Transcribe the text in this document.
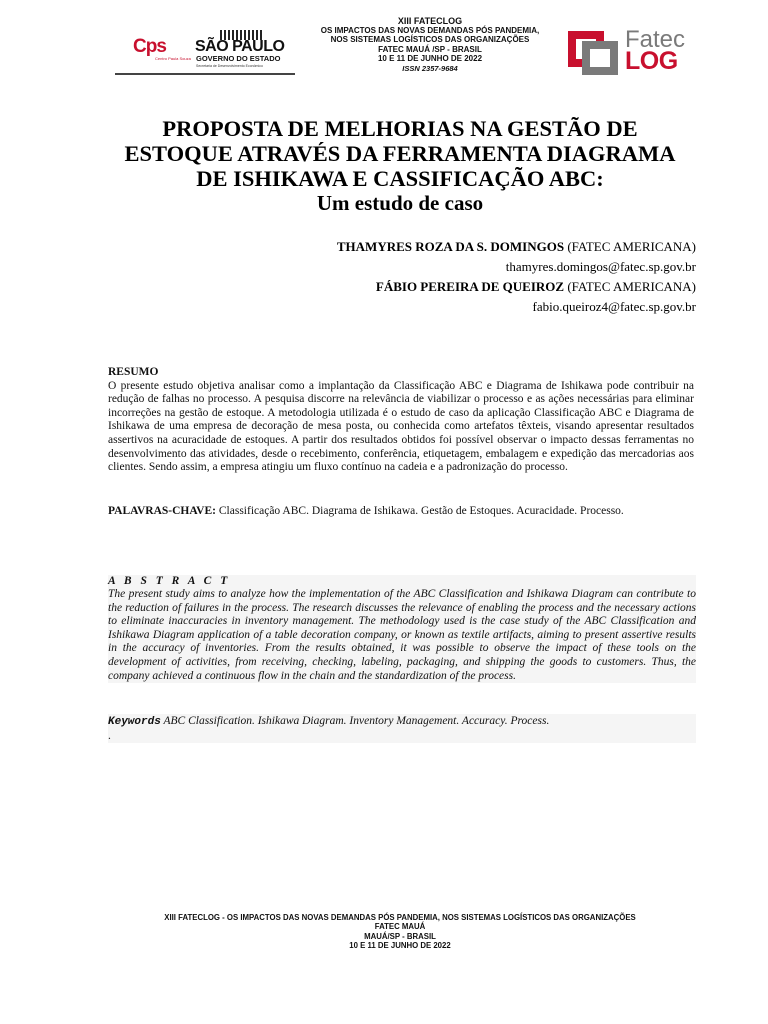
Cps
Centro Paula Souza
SÃO PAULO
GOVERNO DO ESTADO
Secretaria de Desenvolvimento Econômico
XIII FATECLOG
OS IMPACTOS DAS NOVAS DEMANDAS PÓS PANDEMIA,
NOS SISTEMAS LOGÍSTICOS DAS ORGANIZAÇÕES
FATEC MAUÁ /SP - BRASIL
10 E 11 DE JUNHO DE 2022
ISSN 2357-9684
Fatec
LOG
PROPOSTA DE MELHORIAS NA GESTÃO DE
ESTOQUE ATRAVÉS DA FERRAMENTA DIAGRAMA
DE ISHIKAWA E CASSIFICAÇÃO ABC:
Um estudo de caso
THAMYRES ROZA DA S. DOMINGOS (FATEC AMERICANA)
thamyres.domingos@fatec.sp.gov.br
FÁBIO PEREIRA DE QUEIROZ (FATEC AMERICANA)
fabio.queiroz4@fatec.sp.gov.br
RESUMO

O presente estudo objetiva analisar como a implantação da Classificação ABC e Diagrama de Ishikawa pode contribuir na redução de falhas no processo. A pesquisa discorre na relevância de viabilizar o processo e as ações necessárias para eliminar incorreções na gestão de estoque. A metodologia utilizada é o estudo de caso da aplicação Classificação ABC e Diagrama de Ishikawa de uma empresa de decoração de mesa posta, ou conhecida como artefatos têxteis, visando apresentar resultados assertivos na acuracidade de estoques. A partir dos resultados obtidos foi possível observar o impacto dessas ferramentas no desenvolvimento das atividades, desde o recebimento, conferência, etiquetagem, embalagem e expedição das mercadorias aos clientes. Sendo assim, a empresa atingiu um fluxo contínuo na cadeia e a padronização do processo.

PALAVRAS-CHAVE: Classificação ABC. Diagrama de Ishikawa. Gestão de Estoques. Acuracidade. Processo.
A B S T R A C T

The present study aims to analyze how the implementation of the ABC Classification and Ishikawa Diagram can contribute to the reduction of failures in the process. The research discusses the relevance of enabling the process and the necessary actions to eliminate inaccuracies in inventory management. The methodology used is the case study of the ABC Classification and Ishikawa Diagram application of a table decoration company, or known as textile artifacts, aiming to present assertive results in the accuracy of inventories. From the results obtained, it was possible to observe the impact of these tools on the development of activities, from receiving, checking, labeling, packaging, and shipping the goods to customers. Thus, the company achieved a continuous flow in the chain and the standardization of the process.

Keywords ABC Classification. Ishikawa Diagram. Inventory Management. Accuracy. Process.
.
XIII FATECLOG - OS IMPACTOS DAS NOVAS DEMANDAS PÓS PANDEMIA, NOS SISTEMAS LOGÍSTICOS DAS ORGANIZAÇÕES
FATEC MAUÁ
MAUÁ/SP - BRASIL
10 E 11 DE JUNHO DE 2022
